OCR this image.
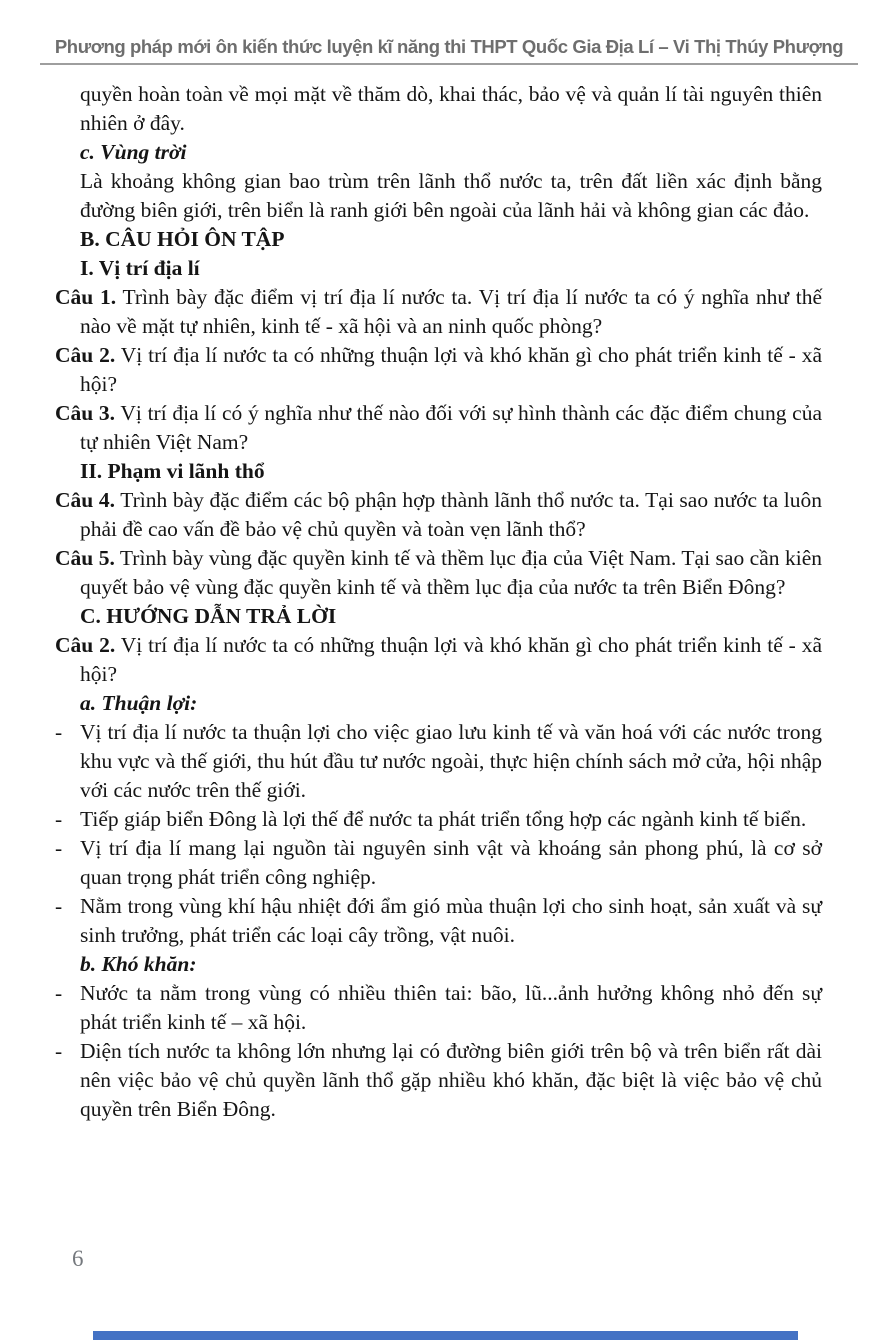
Phương pháp mới ôn kiến thức luyện kĩ năng thi THPT Quốc Gia Địa Lí – Vi Thị Thúy Phượng

quyền hoàn toàn về mọi mặt về thăm dò, khai thác, bảo vệ và quản lí tài nguyên thiên nhiên ở đây.

c. Vùng trời

Là khoảng không gian bao trùm trên lãnh thổ nước ta, trên đất liền xác định bằng đường biên giới, trên biển là ranh giới bên ngoài của lãnh hải và không gian các đảo.

B. CÂU HỎI ÔN TẬP

I. Vị trí địa lí

Câu 1. Trình bày đặc điểm vị trí địa lí nước ta. Vị trí địa lí nước ta có ý nghĩa như thế nào về mặt tự nhiên, kinh tế - xã hội và an ninh quốc phòng?

Câu 2. Vị trí địa lí nước ta có những thuận lợi và khó khăn gì cho phát triển kinh tế - xã hội?

Câu 3. Vị trí địa lí có ý nghĩa như thế nào đối với sự hình thành các đặc điểm chung của tự nhiên Việt Nam?

II. Phạm vi lãnh thổ

Câu 4. Trình bày đặc điểm các bộ phận hợp thành lãnh thổ nước ta. Tại sao nước ta luôn phải đề cao vấn đề bảo vệ chủ quyền và toàn vẹn lãnh thổ?

Câu 5. Trình bày vùng đặc quyền kinh tế và thềm lục địa của Việt Nam. Tại sao cần kiên quyết bảo vệ vùng đặc quyền kinh tế và thềm lục địa của nước ta trên Biển Đông?

C. HƯỚNG DẪN TRẢ LỜI

Câu 2. Vị trí địa lí nước ta có những thuận lợi và khó khăn gì cho phát triển kinh tế - xã hội?

a. Thuận lợi:

- Vị trí địa lí nước ta thuận lợi cho việc giao lưu kinh tế và văn hoá với các nước trong khu vực và thế giới, thu hút đầu tư nước ngoài, thực hiện chính sách mở cửa, hội nhập với các nước trên thế giới.

- Tiếp giáp biển Đông là lợi thế để nước ta phát triển tổng hợp các ngành kinh tế biển.

- Vị trí địa lí mang lại nguồn tài nguyên sinh vật và khoáng sản phong phú, là cơ sở quan trọng phát triển công nghiệp.

- Nằm trong vùng khí hậu nhiệt đới ẩm gió mùa thuận lợi cho sinh hoạt, sản xuất và sự sinh trưởng, phát triển các loại cây trồng, vật nuôi.

b. Khó khăn:

- Nước ta nằm trong vùng có nhiều thiên tai: bão, lũ...ảnh hưởng không nhỏ đến sự phát triển kinh tế – xã hội.

- Diện tích nước ta không lớn nhưng lại có đường biên giới trên bộ và trên biển rất dài nên việc bảo vệ chủ quyền lãnh thổ gặp nhiều khó khăn, đặc biệt là việc bảo vệ chủ quyền trên Biển Đông.

6
